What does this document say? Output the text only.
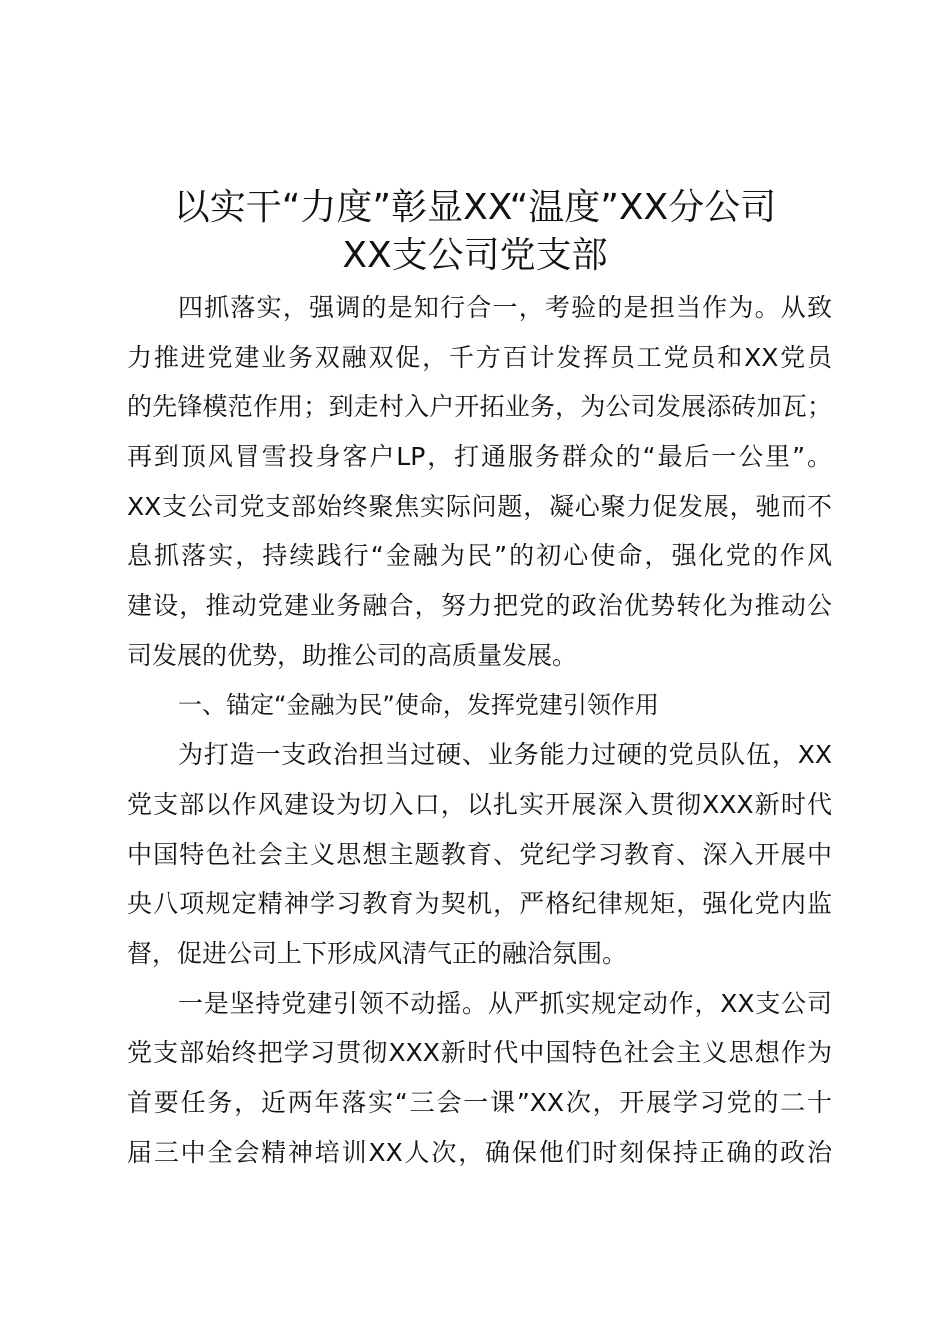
以实干“力度”彰显XX“温度”XX分公司
XX支公司党支部
四抓落实，强调的是知行合一，考验的是担当作为。从致
力推进党建业务双融双促，千方百计发挥员工党员和XX党员
的先锋模范作用；到走村入户开拓业务，为公司发展添砖加瓦；
再到顶风冒雪投身客户LP，打通服务群众的“最后一公里”。
XX支公司党支部始终聚焦实际问题，凝心聚力促发展，驰而不
息抓落实，持续践行“金融为民”的初心使命，强化党的作风
建设，推动党建业务融合，努力把党的政治优势转化为推动公
司发展的优势，助推公司的高质量发展。
一、锚定“金融为民”使命，发挥党建引领作用
为打造一支政治担当过硬、业务能力过硬的党员队伍，XX
党支部以作风建设为切入口，以扎实开展深入贯彻XXX新时代
中国特色社会主义思想主题教育、党纪学习教育、深入开展中
央八项规定精神学习教育为契机，严格纪律规矩，强化党内监
督，促进公司上下形成风清气正的融洽氛围。
一是坚持党建引领不动摇。从严抓实规定动作，XX支公司
党支部始终把学习贯彻XXX新时代中国特色社会主义思想作为
首要任务，近两年落实“三会一课”XX次，开展学习党的二十
届三中全会精神培训XX人次，确保他们时刻保持正确的政治
